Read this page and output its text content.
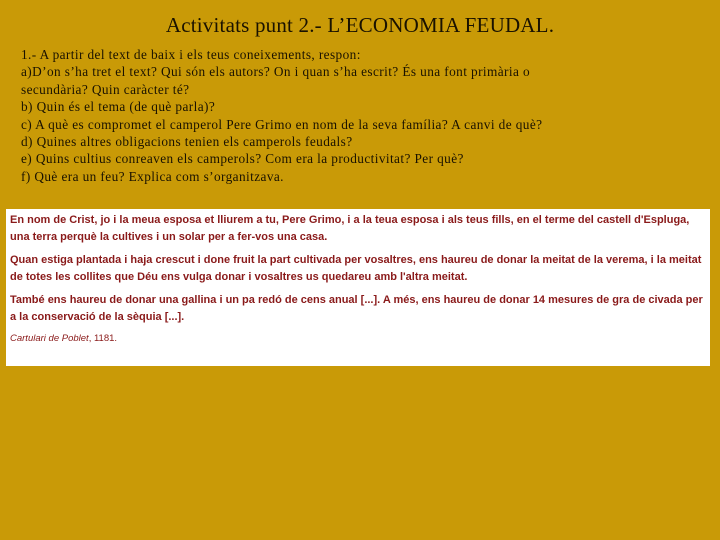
Activitats punt 2.- L’ECONOMIA FEUDAL.
1.- A partir del text de baix i els teus coneixements, respon:
a)D’on s’ha tret el text? Qui són els autors? On i quan s’ha escrit? És una font primària o
secundària? Quin caràcter té?
b) Quin és el tema (de què parla)?
c) A què es compromet el camperol Pere Grimo en nom de la seva família? A canvi de què?
d) Quines altres obligacions tenien els camperols feudals?
e) Quins cultius conreaven els camperols? Com era la productivitat? Per què?
f) Què era un feu? Explica com s’organitzava.

En nom de Crist, jo i la meua esposa et lliurem a tu, Pere Grimo, i a la teua esposa i als teus fills, en el terme del castell d'Espluga, una terra perquè la cultives i un solar per a fer-vos una casa.

Quan estiga plantada i haja crescut i done fruit la part cultivada per vosaltres, ens haureu de donar la meitat de la verema, i la meitat de totes les collites que Déu ens vulga donar i vosaltres us quedareu amb l'altra meitat.

També ens haureu de donar una gallina i un pa redó de cens anual [...]. A més, ens haureu de donar 14 mesures de gra de civada per a la conservació de la sèquia [...].

Cartulari de Poblet, 1181.
